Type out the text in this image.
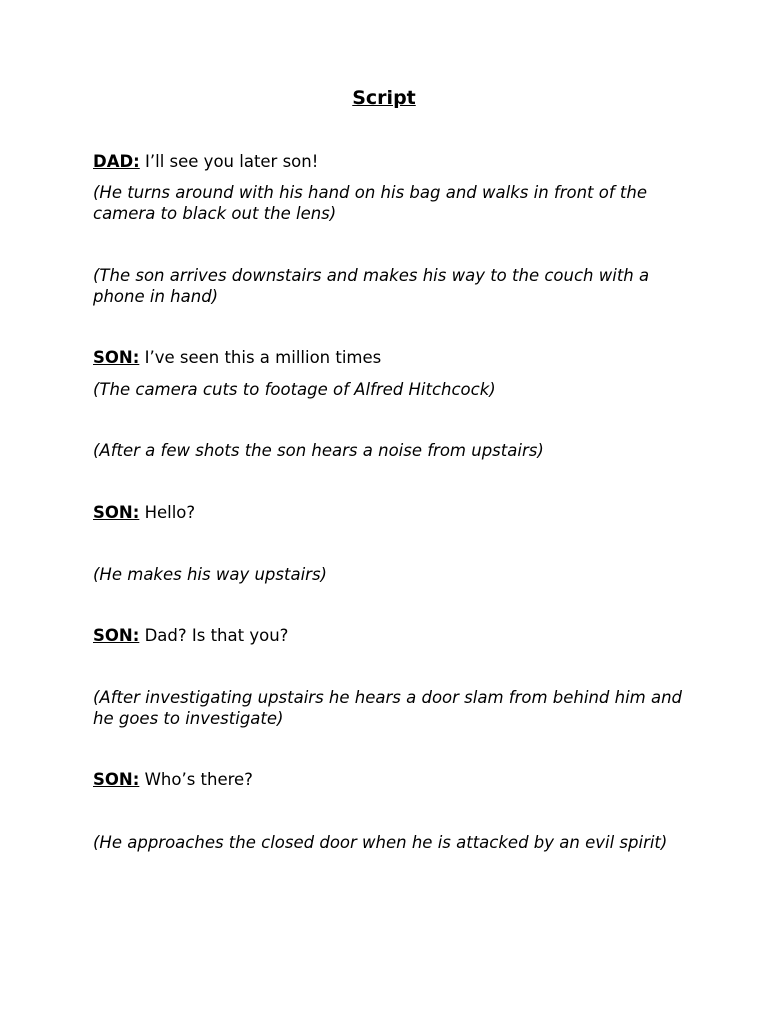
Script
DAD: I’ll see you later son!
(He turns around with his hand on his bag and walks in front of the camera to black out the lens)
(The son arrives downstairs and makes his way to the couch with a phone in hand)
SON: I’ve seen this a million times
(The camera cuts to footage of Alfred Hitchcock)
(After a few shots the son hears a noise from upstairs)
SON: Hello?
(He makes his way upstairs)
SON: Dad? Is that you?
(After investigating upstairs he hears a door slam from behind him and he goes to investigate)
SON: Who’s there?
(He approaches the closed door when he is attacked by an evil spirit)
